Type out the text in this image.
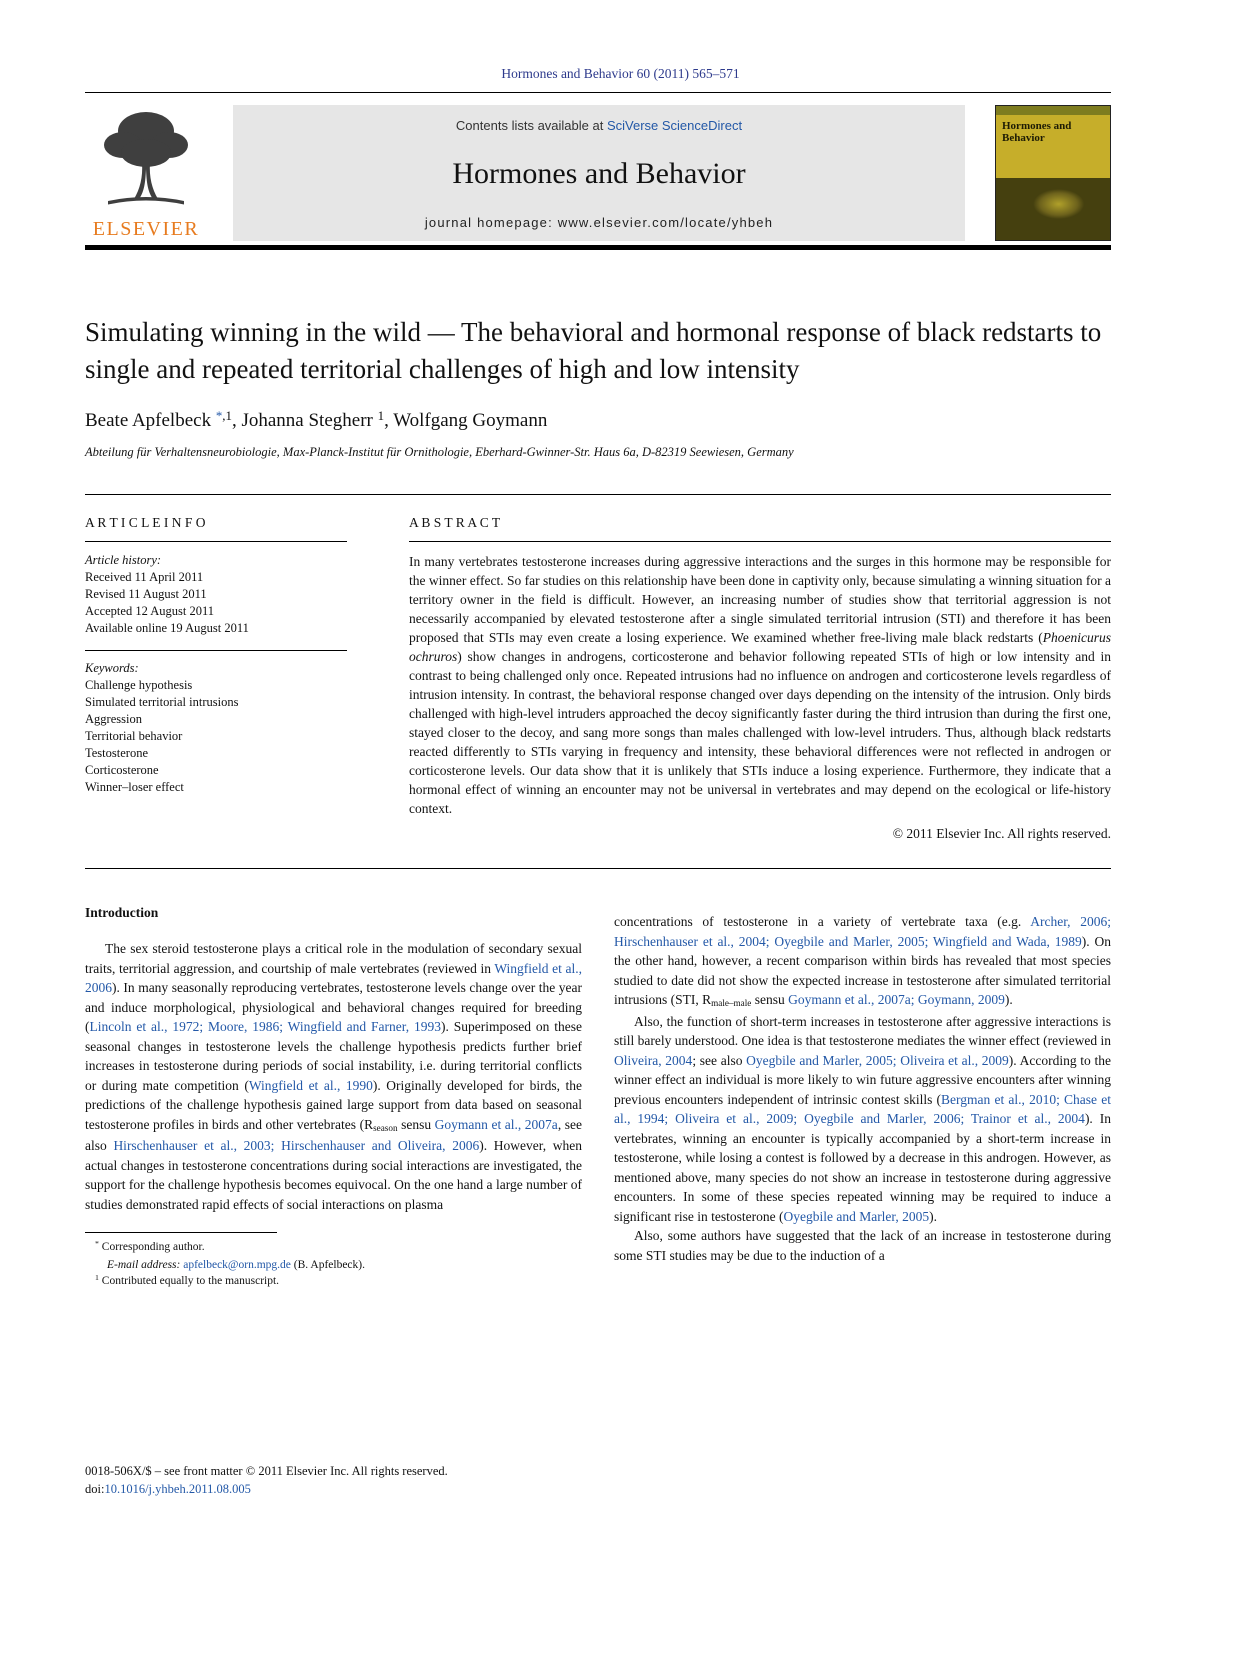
Hormones and Behavior 60 (2011) 565–571
ELSEVIER
Contents lists available at SciVerse ScienceDirect
Hormones and Behavior
journal homepage: www.elsevier.com/locate/yhbeh
Hormones and Behavior
Simulating winning in the wild — The behavioral and hormonal response of black redstarts to single and repeated territorial challenges of high and low intensity
Beate Apfelbeck $^{*,1}$, Johanna Stegherr $^1$, Wolfgang Goymann
Abteilung für Verhaltensneurobiologie, Max-Planck-Institut für Ornithologie, Eberhard-Gwinner-Str. Haus 6a, D-82319 Seewiesen, Germany
A R T I C L E I N F O
Article history:
Received 11 April 2011
Revised 11 August 2011
Accepted 12 August 2011
Available online 19 August 2011
Keywords:
Challenge hypothesis
Simulated territorial intrusions
Aggression
Territorial behavior
Testosterone
Corticosterone
Winner–loser effect
A B S T R A C T

In many vertebrates testosterone increases during aggressive interactions and the surges in this hormone may be responsible for the winner effect. So far studies on this relationship have been done in captivity only, because simulating a winning situation for a territory owner in the field is difficult. However, an increasing number of studies show that territorial aggression is not necessarily accompanied by elevated testosterone after a single simulated territorial intrusion (STI) and therefore it has been proposed that STIs may even create a losing experience. We examined whether free-living male black redstarts (Phoenicurus ochruros) show changes in androgens, corticosterone and behavior following repeated STIs of high or low intensity and in contrast to being challenged only once. Repeated intrusions had no influence on androgen and corticosterone levels regardless of intrusion intensity. In contrast, the behavioral response changed over days depending on the intensity of the intrusion. Only birds challenged with high-level intruders approached the decoy significantly faster during the third intrusion than during the first one, stayed closer to the decoy, and sang more songs than males challenged with low-level intruders. Thus, although black redstarts reacted differently to STIs varying in frequency and intensity, these behavioral differences were not reflected in androgen or corticosterone levels. Our data show that it is unlikely that STIs induce a losing experience. Furthermore, they indicate that a hormonal effect of winning an encounter may not be universal in vertebrates and may depend on the ecological or life-history context.

© 2011 Elsevier Inc. All rights reserved.
Introduction

The sex steroid testosterone plays a critical role in the modulation of secondary sexual traits, territorial aggression, and courtship of male vertebrates (reviewed in Wingfield et al., 2006). In many seasonally reproducing vertebrates, testosterone levels change over the year and induce morphological, physiological and behavioral changes required for breeding (Lincoln et al., 1972; Moore, 1986; Wingfield and Farner, 1993). Superimposed on these seasonal changes in testosterone levels the challenge hypothesis predicts further brief increases in testosterone during periods of social instability, i.e. during territorial conflicts or during mate competition (Wingfield et al., 1990). Originally developed for birds, the predictions of the challenge hypothesis gained large support from data based on seasonal testosterone profiles in birds and other vertebrates (Rseason sensu Goymann et al., 2007a, see also Hirschenhauser et al., 2003; Hirschenhauser and Oliveira, 2006). However, when actual changes in testosterone concentrations during social interactions are investigated, the support for the challenge hypothesis becomes equivocal. On the one hand a large number of studies demonstrated rapid effects of social interactions on plasma

* Corresponding author.
E-mail address: apfelbeck@orn.mpg.de (B. Apfelbeck).
$^1$ Contributed equally to the manuscript.

concentrations of testosterone in a variety of vertebrate taxa (e.g. Archer, 2006; Hirschenhauser et al., 2004; Oyegbile and Marler, 2005; Wingfield and Wada, 1989). On the other hand, however, a recent comparison within birds has revealed that most species studied to date did not show the expected increase in testosterone after simulated territorial intrusions (STI, Rmale–male sensu Goymann et al., 2007a; Goymann, 2009).

Also, the function of short-term increases in testosterone after aggressive interactions is still barely understood. One idea is that testosterone mediates the winner effect (reviewed in Oliveira, 2004; see also Oyegbile and Marler, 2005; Oliveira et al., 2009). According to the winner effect an individual is more likely to win future aggressive encounters after winning previous encounters independent of intrinsic contest skills (Bergman et al., 2010; Chase et al., 1994; Oliveira et al., 2009; Oyegbile and Marler, 2006; Trainor et al., 2004). In vertebrates, winning an encounter is typically accompanied by a short-term increase in testosterone, while losing a contest is followed by a decrease in this androgen. However, as mentioned above, many species do not show an increase in testosterone during aggressive encounters. In some of these species repeated winning may be required to induce a significant rise in testosterone (Oyegbile and Marler, 2005).

Also, some authors have suggested that the lack of an increase in testosterone during some STI studies may be due to the induction of a

0018-506X/$ – see front matter © 2011 Elsevier Inc. All rights reserved.
doi:10.1016/j.yhbeh.2011.08.005
